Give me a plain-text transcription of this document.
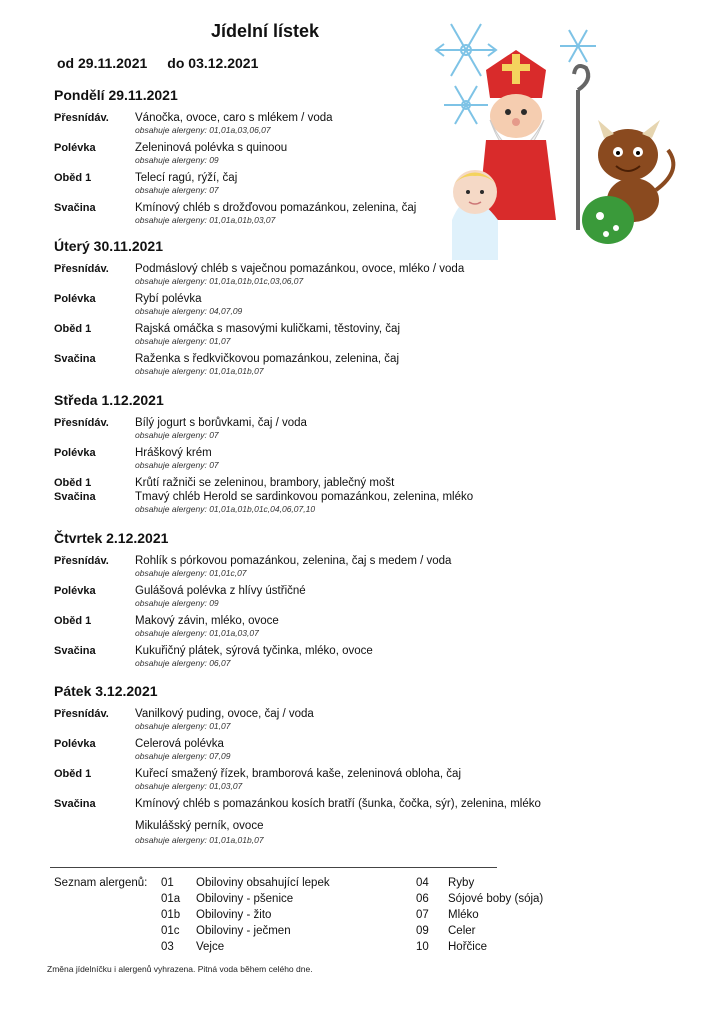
Jídelní lístek
od 29.11.2021 do 03.12.2021
Pondělí 29.11.2021
Přesnídáv.	Vánočka, ovoce, caro s mlékem / voda
obsahuje alergeny: 01,01a,03,06,07
Polévka	Zeleninová polévka s quinoou
obsahuje alergeny: 09
Oběd 1	Telecí ragú, rýží, čaj
obsahuje alergeny: 07
Svačina	Kmínový chléb s drožďovou pomazánkou, zelenina, čaj
obsahuje alergeny: 01,01a,01b,03,07
Úterý 30.11.2021
Přesnídáv.	Podmáslový chléb s vaječnou pomazánkou, ovoce, mléko / voda
obsahuje alergeny: 01,01a,01b,01c,03,06,07
Polévka	Rybí polévka
obsahuje alergeny: 04,07,09
Oběd 1	Rajská omáčka s masovými kuličkami, těstoviny, čaj
obsahuje alergeny: 01,07
Svačina	Raženka s ředkvičkovou pomazánkou, zelenina, čaj
obsahuje alergeny: 01,01a,01b,07
Středa 1.12.2021
Přesnídáv.	Bílý jogurt s borůvkami, čaj / voda
obsahuje alergeny: 07
Polévka	Hráškový krém
obsahuje alergeny: 07
Oběd 1	Krůtí ražniči se zeleninou, brambory, jablečný mošt
Svačina	Tmavý chléb Herold se sardinkovou pomazánkou, zelenina, mléko
obsahuje alergeny: 01,01a,01b,01c,04,06,07,10
Čtvrtek 2.12.2021
Přesnídáv.	Rohlík s pórkovou pomazánkou, zelenina, čaj s medem / voda
obsahuje alergeny: 01,01c,07
Polévka	Gulášová polévka z hlívy ústřičné
obsahuje alergeny: 09
Oběd 1	Makový závin, mléko, ovoce
obsahuje alergeny: 01,01a,03,07
Svačina	Kukuřičný plátek, sýrová tyčinka, mléko, ovoce
obsahuje alergeny: 06,07
Pátek 3.12.2021
Přesnídáv.	Vanilkový puding, ovoce, čaj / voda
obsahuje alergeny: 01,07
Polévka	Celerová polévka
obsahuje alergeny: 07,09
Oběd 1	Kuřecí smažený řízek, bramborová kaše, zeleninová obloha, čaj
obsahuje alergeny: 01,03,07
Svačina	Kmínový chléb s pomazánkou kosích bratří (šunka, čočka, sýr), zelenina, mléko
Mikulášský perník, ovoce
obsahuje alergeny: 01,01a,01b,07
Seznam alergenů: 01 Obiloviny obsahující lepek
01a Obiloviny - pšenice
01b Obiloviny - žito
01c Obiloviny - ječmen
03 Vejce
04 Ryby
06 Sójové boby (sója)
07 Mléko
09 Celer
10 Hořčice
Změna jídelníčku i alergenů vyhrazena. Pitná voda během celého dne.
